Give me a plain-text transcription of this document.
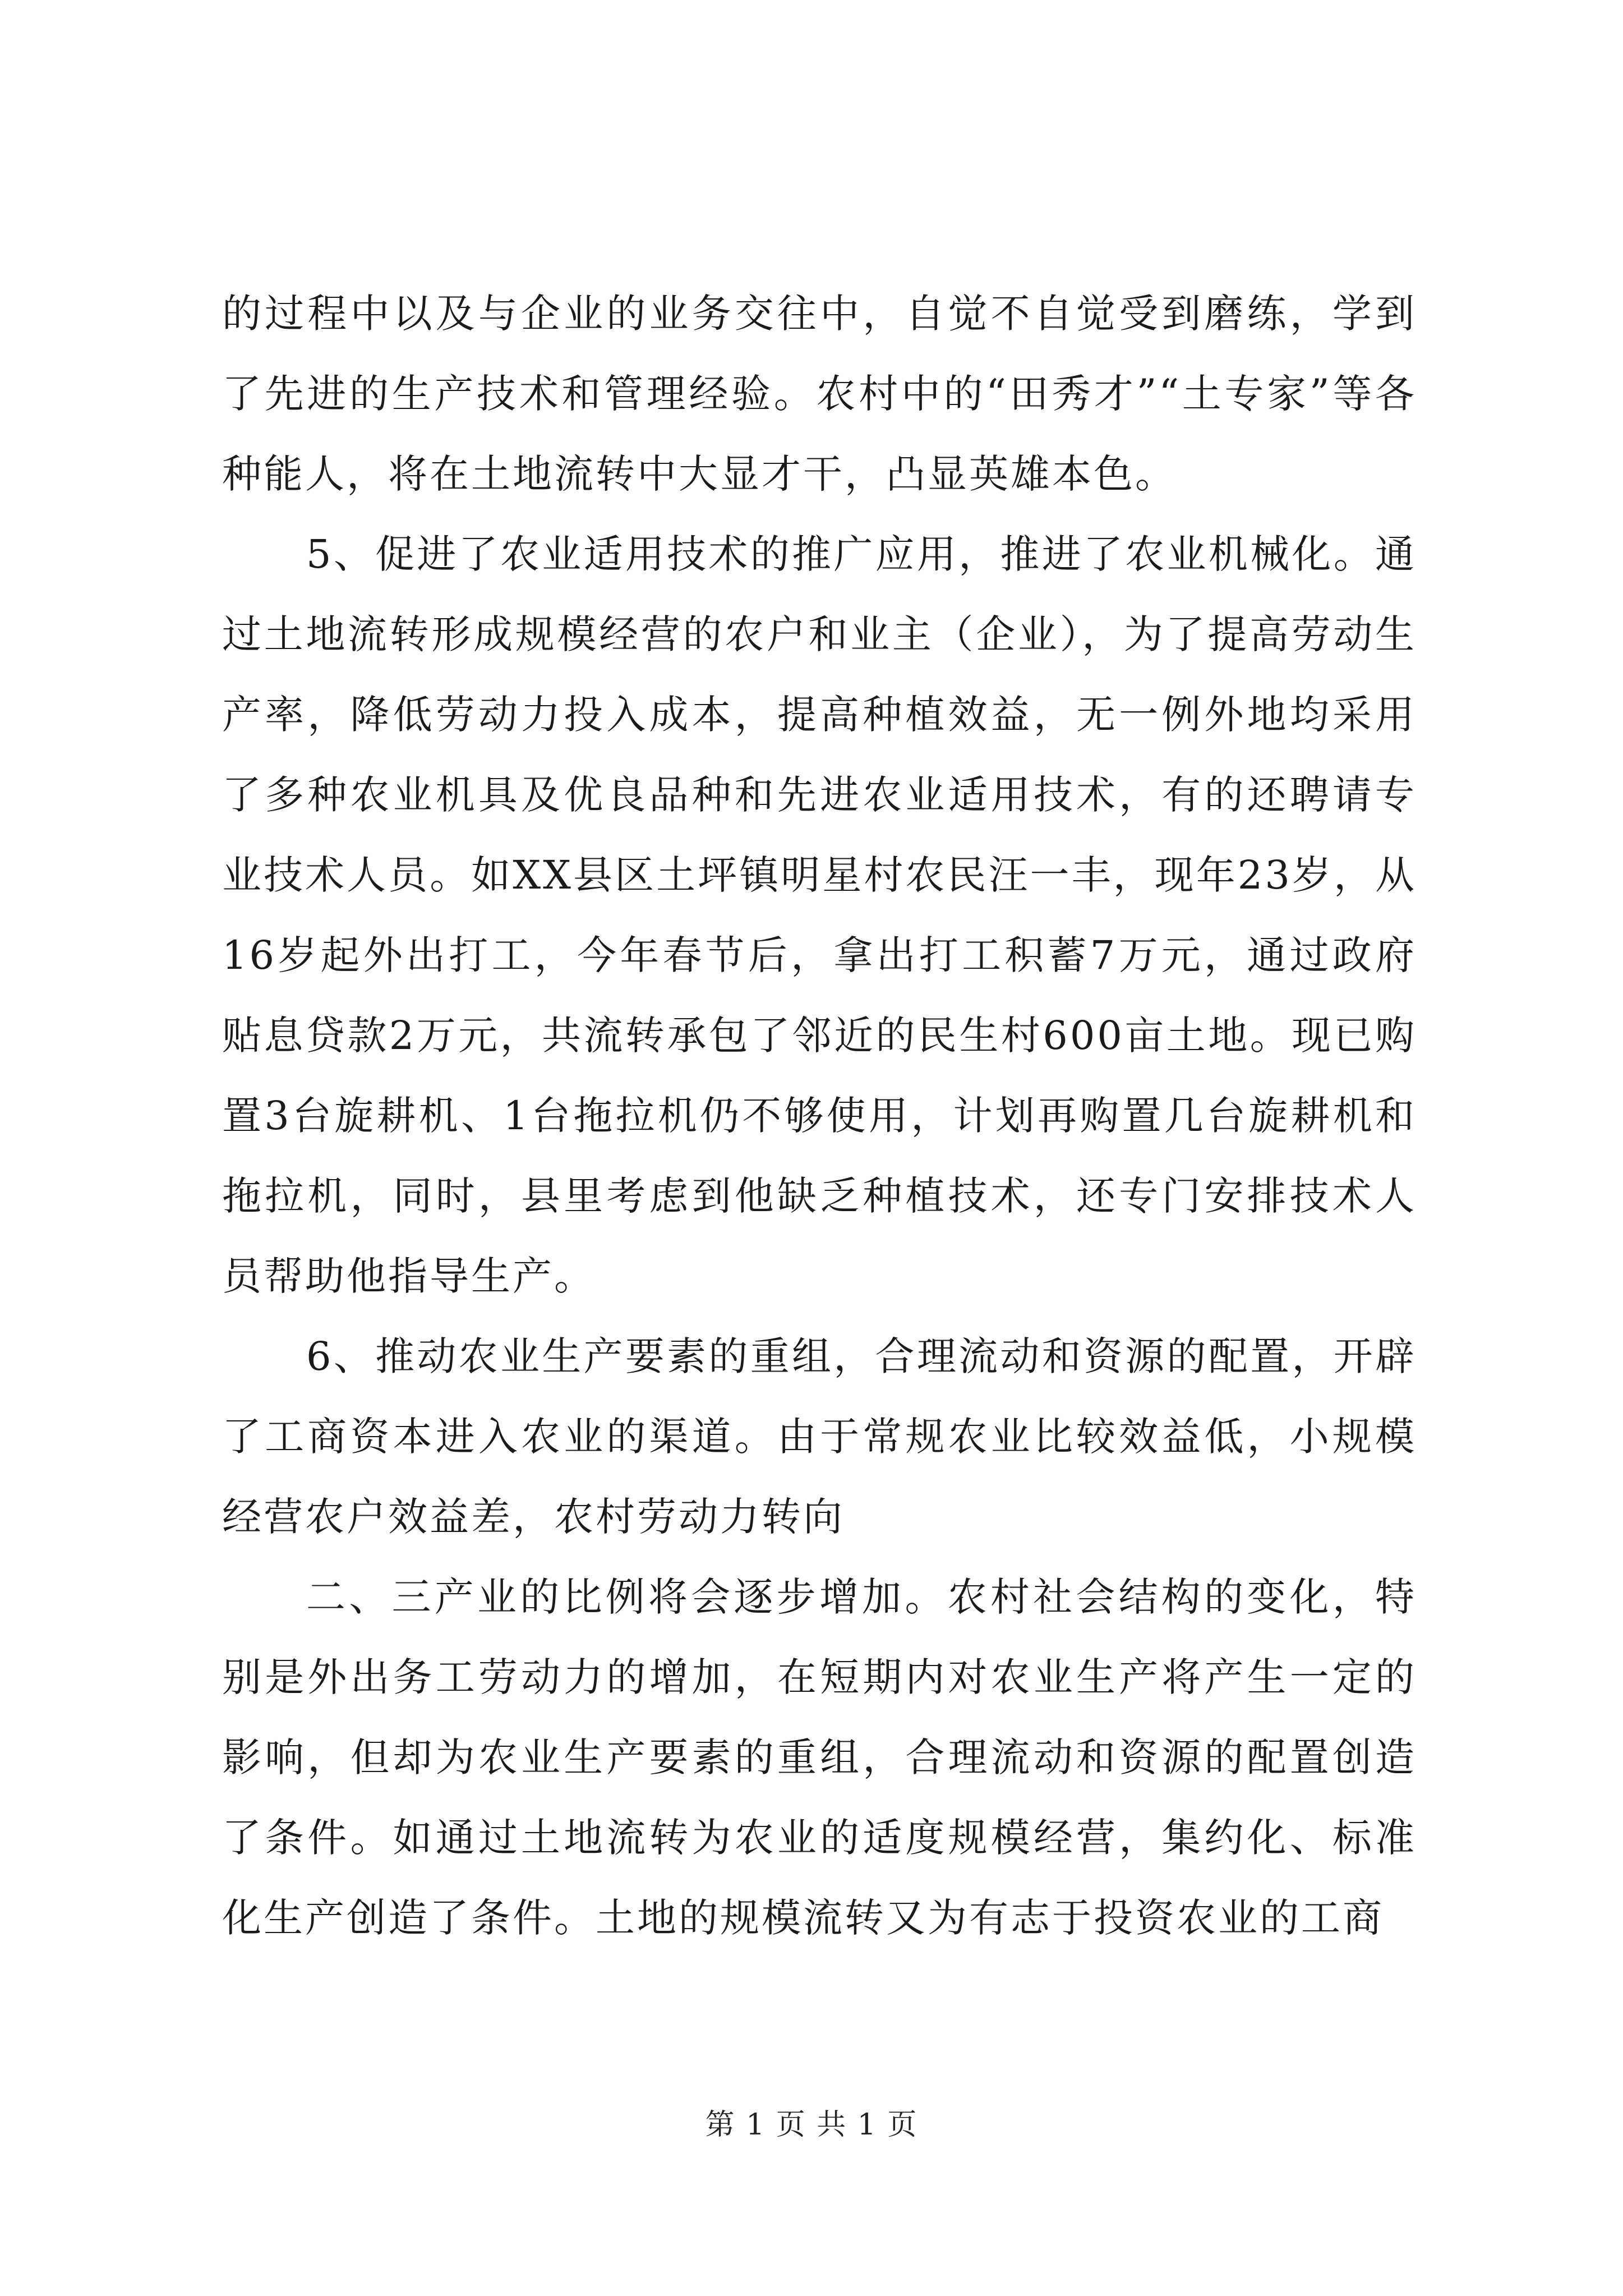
的过程中以及与企业的业务交往中，自觉不自觉受到磨练，学到了先进的生产技术和管理经验。农村中的“田秀才”“土专家”等各种能人，将在土地流转中大显才干，凸显英雄本色。

5、促进了农业适用技术的推广应用，推进了农业机械化。通过土地流转形成规模经营的农户和业主（企业），为了提高劳动生产率，降低劳动力投入成本，提高种植效益，无一例外地均采用了多种农业机具及优良品种和先进农业适用技术，有的还聘请专业技术人员。如XX县区土坪镇明星村农民汪一丰，现年23岁，从16岁起外出打工，今年春节后，拿出打工积蓄7万元，通过政府贴息贷款2万元，共流转承包了邻近的民生村600亩土地。现已购置3台旋耕机、1台拖拉机仍不够使用，计划再购置几台旋耕机和拖拉机，同时，县里考虑到他缺乏种植技术，还专门安排技术人员帮助他指导生产。

6、推动农业生产要素的重组，合理流动和资源的配置，开辟了工商资本进入农业的渠道。由于常规农业比较效益低，小规模经营农户效益差，农村劳动力转向

二、三产业的比例将会逐步增加。农村社会结构的变化，特别是外出务工劳动力的增加，在短期内对农业生产将产生一定的影响，但却为农业生产要素的重组，合理流动和资源的配置创造了条件。如通过土地流转为农业的适度规模经营，集约化、标准化生产创造了条件。土地的规模流转又为有志于投资农业的工商

第 1 页 共 1 页
